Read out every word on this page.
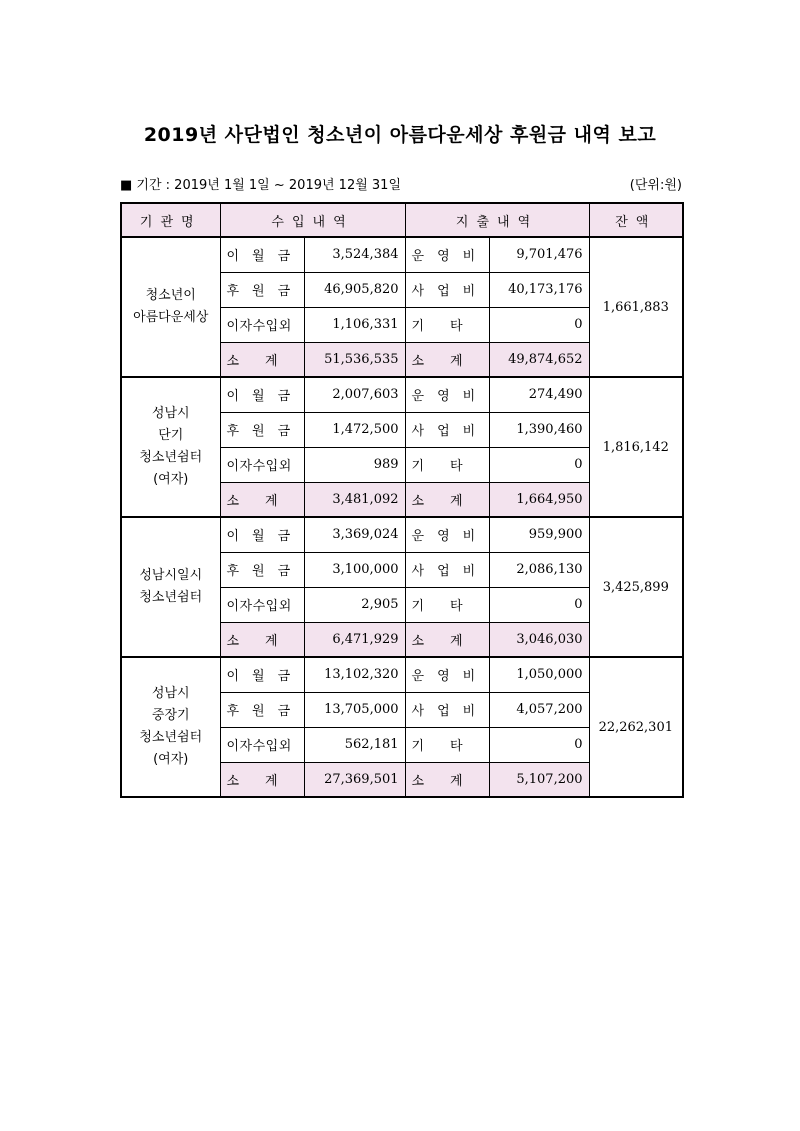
2019년 사단법인 청소년이 아름다운세상 후원금 내역 보고
■ 기간 : 2019년 1월 1일 ~ 2019년 12월 31일	(단위:원)
기관명	수입내역		지출내역		잔액

청소년이
아름다운세상	이월금	3,524,384	운영비	9,701,476	1,661,883
	후원금	46,905,820	사업비	40,173,176	
	이자수입외	1,106,331	기 타	0	

	소 계	51,536,535	소 계	49,874,652	

성남시
단기
청소년쉼터
(여자)	이월금	2,007,603	운영비	274,490	1,816,142
	후원금	1,472,500	사업비	1,390,460	
	이자수입외	989	기 타	0	

	소 계	3,481,092	소 계	1,664,950	

성남시일시
청소년쉼터	이월금	3,369,024	운영비	959,900	3,425,899
	후원금	3,100,000	사업비	2,086,130	
	이자수입외	2,905	기 타	0	

	소 계	6,471,929	소 계	3,046,030	

성남시
중장기
청소년쉼터
(여자)	이월금	13,102,320	운영비	1,050,000	22,262,301
	후원금	13,705,000	사업비	4,057,200	
	이자수입외	562,181	기 타	0	

	소 계	27,369,501	소 계	5,107,200	
